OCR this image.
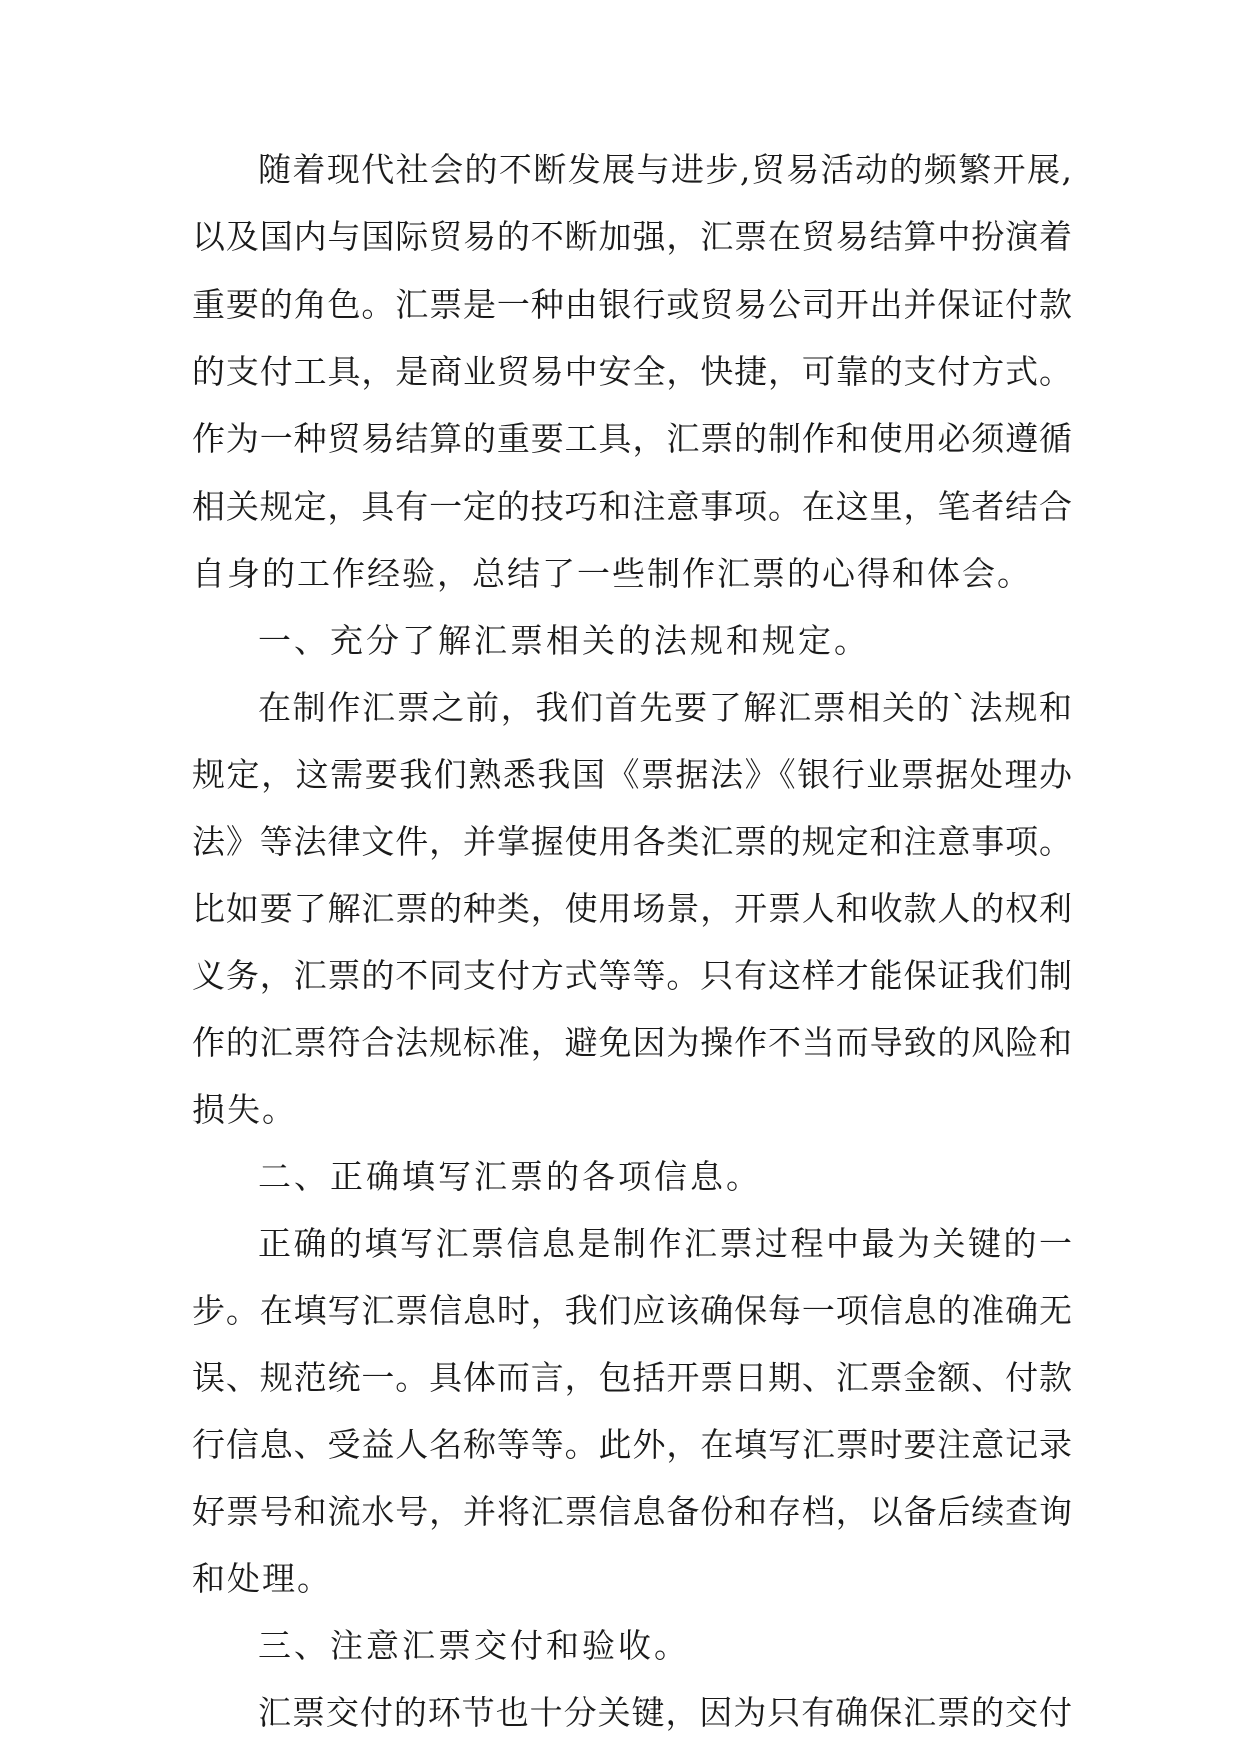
随着现代社会的不断发展与进步,贸易活动的频繁开展,
以及国内与国际贸易的不断加强，汇票在贸易结算中扮演着
重要的角色。汇票是一种由银行或贸易公司开出并保证付款
的支付工具，是商业贸易中安全，快捷，可靠的支付方式。
作为一种贸易结算的重要工具，汇票的制作和使用必须遵循
相关规定，具有一定的技巧和注意事项。在这里，笔者结合
自身的工作经验，总结了一些制作汇票的心得和体会。
一、充分了解汇票相关的法规和规定。
在制作汇票之前，我们首先要了解汇票相关的`法规和
规定，这需要我们熟悉我国《票据法》《银行业票据处理办
法》等法律文件，并掌握使用各类汇票的规定和注意事项。
比如要了解汇票的种类，使用场景，开票人和收款人的权利
义务，汇票的不同支付方式等等。只有这样才能保证我们制
作的汇票符合法规标准，避免因为操作不当而导致的风险和
损失。
二、正确填写汇票的各项信息。
正确的填写汇票信息是制作汇票过程中最为关键的一
步。在填写汇票信息时，我们应该确保每一项信息的准确无
误、规范统一。具体而言，包括开票日期、汇票金额、付款
行信息、受益人名称等等。此外，在填写汇票时要注意记录
好票号和流水号，并将汇票信息备份和存档，以备后续查询
和处理。
三、注意汇票交付和验收。
汇票交付的环节也十分关键，因为只有确保汇票的交付
